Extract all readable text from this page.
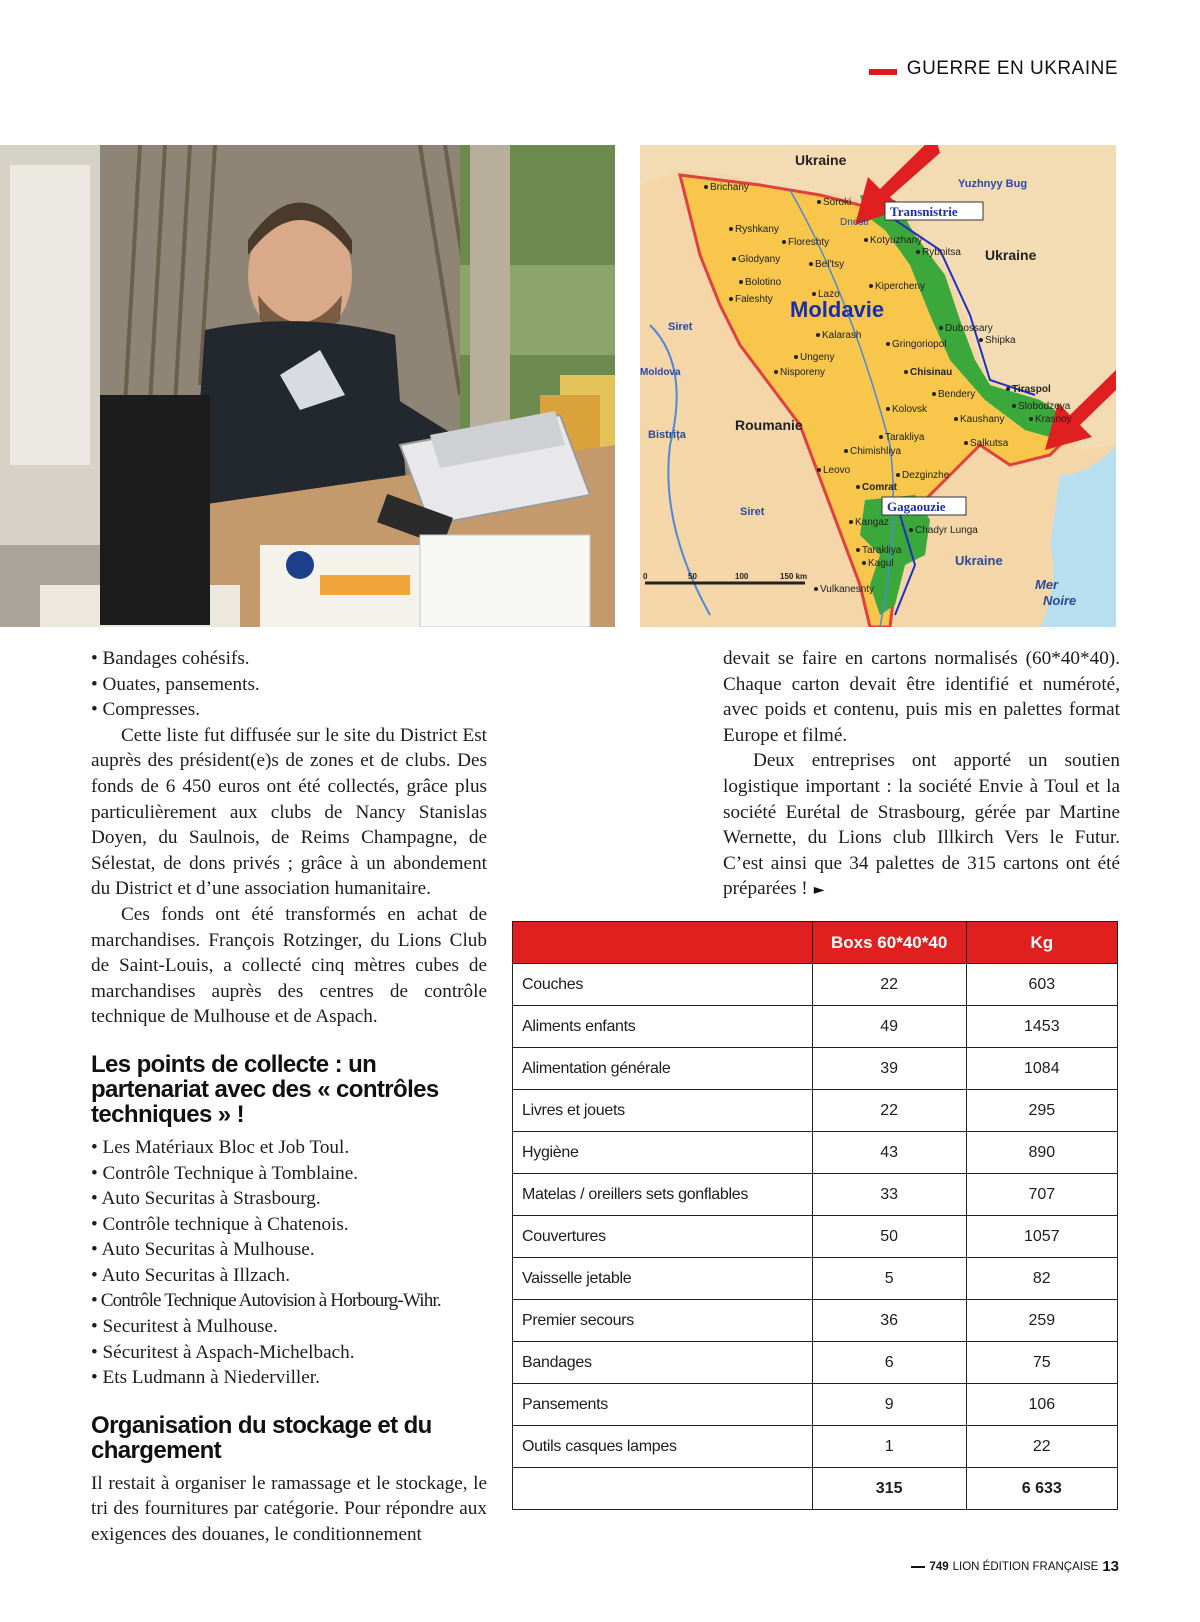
GUERRE EN UKRAINE
Ukraine
Ukraine
Ukraine
Moldavie
Roumanie
Transnistrie
Gagaouzie
Yuzhnyy Bug
Dnestr
Siret
Moldova
Bistrița
Siret
Mer
Noire
Brichany
Soroki
Ryshkany
Floreshty	Kotyuzhany
Rybnitsa
Glodyany	Bel'tsy
Bolotino
Faleshty	Lazo
Kiperchenу
Dubossary
Shipka
Kalarash
Gringoriopol
Ungeny
Nisporeny	Chisinau
Tiraspol
Bendery
Slobodzeya
Krasnoy
Kolovsk
Kaushany
Tarakliya
Chimishliya
Salkutsa
Leovo	Dezginzhe
Comrat
Kangaz
Chadyr Lunga
Tarakliya
Kagul
Vulkanesnty
0	50	100	150 km

• Bandages cohésifs.

• Ouates, pansements.

• Compresses.

Cette liste fut diffusée sur le site du District Est auprès des président(e)s de zones et de clubs. Des fonds de 6 450 euros ont été collectés, grâce plus particulièrement aux clubs de Nancy Stanislas Doyen, du Saulnois, de Reims Champagne, de Sélestat, de dons privés ; grâce à un abondement du District et d’une association humanitaire.

Ces fonds ont été transformés en achat de marchandises. François Rotzinger, du Lions Club de Saint-Louis, a collecté cinq mètres cubes de marchandises auprès des centres de contrôle technique de Mulhouse et de Aspach.

Les points de collecte : un partenariat avec des « contrôles techniques » !

• Les Matériaux Bloc et Job Toul.

• Contrôle Technique à Tomblaine.

• Auto Securitas à Strasbourg.

• Contrôle technique à Chatenois.

• Auto Securitas à Mulhouse.

• Auto Securitas à Illzach.

• Contrôle Technique Autovision à Horbourg-Wihr.

• Securitest à Mulhouse.

• Sécuritest à Aspach-Michelbach.

• Ets Ludmann à Niederviller.

Organisation du stockage et du chargement

Il restait à organiser le ramassage et le stockage, le tri des fournitures par catégorie. Pour répondre aux exigences des douanes, le conditionnement

devait se faire en cartons normalisés (60*40*40). Chaque carton devait être identifié et numéroté, avec poids et contenu, puis mis en palettes format Europe et filmé.

Deux entreprises ont apporté un soutien logistique important : la société Envie à Toul et la société Eurétal de Strasbourg, gérée par Martine Wernette, du Lions club Illkirch Vers le Futur. C’est ainsi que 34 palettes de 315 cartons ont été préparées ! ►

	Boxs 60*40*40	Kg
Couches	22	603
Aliments enfants	49	1453
Alimentation générale	39	1084
Livres et jouets	22	295
Hygiène	43	890
Matelas / oreillers sets gonflables	33	707
Couvertures	50	1057
Vaisselle jetable	5	82
Premier secours	36	259
Bandages	6	75
Pansements	9	106
Outils casques lampes	1	22
	315	6 633
749 LION ÉDITION FRANÇAISE 13
